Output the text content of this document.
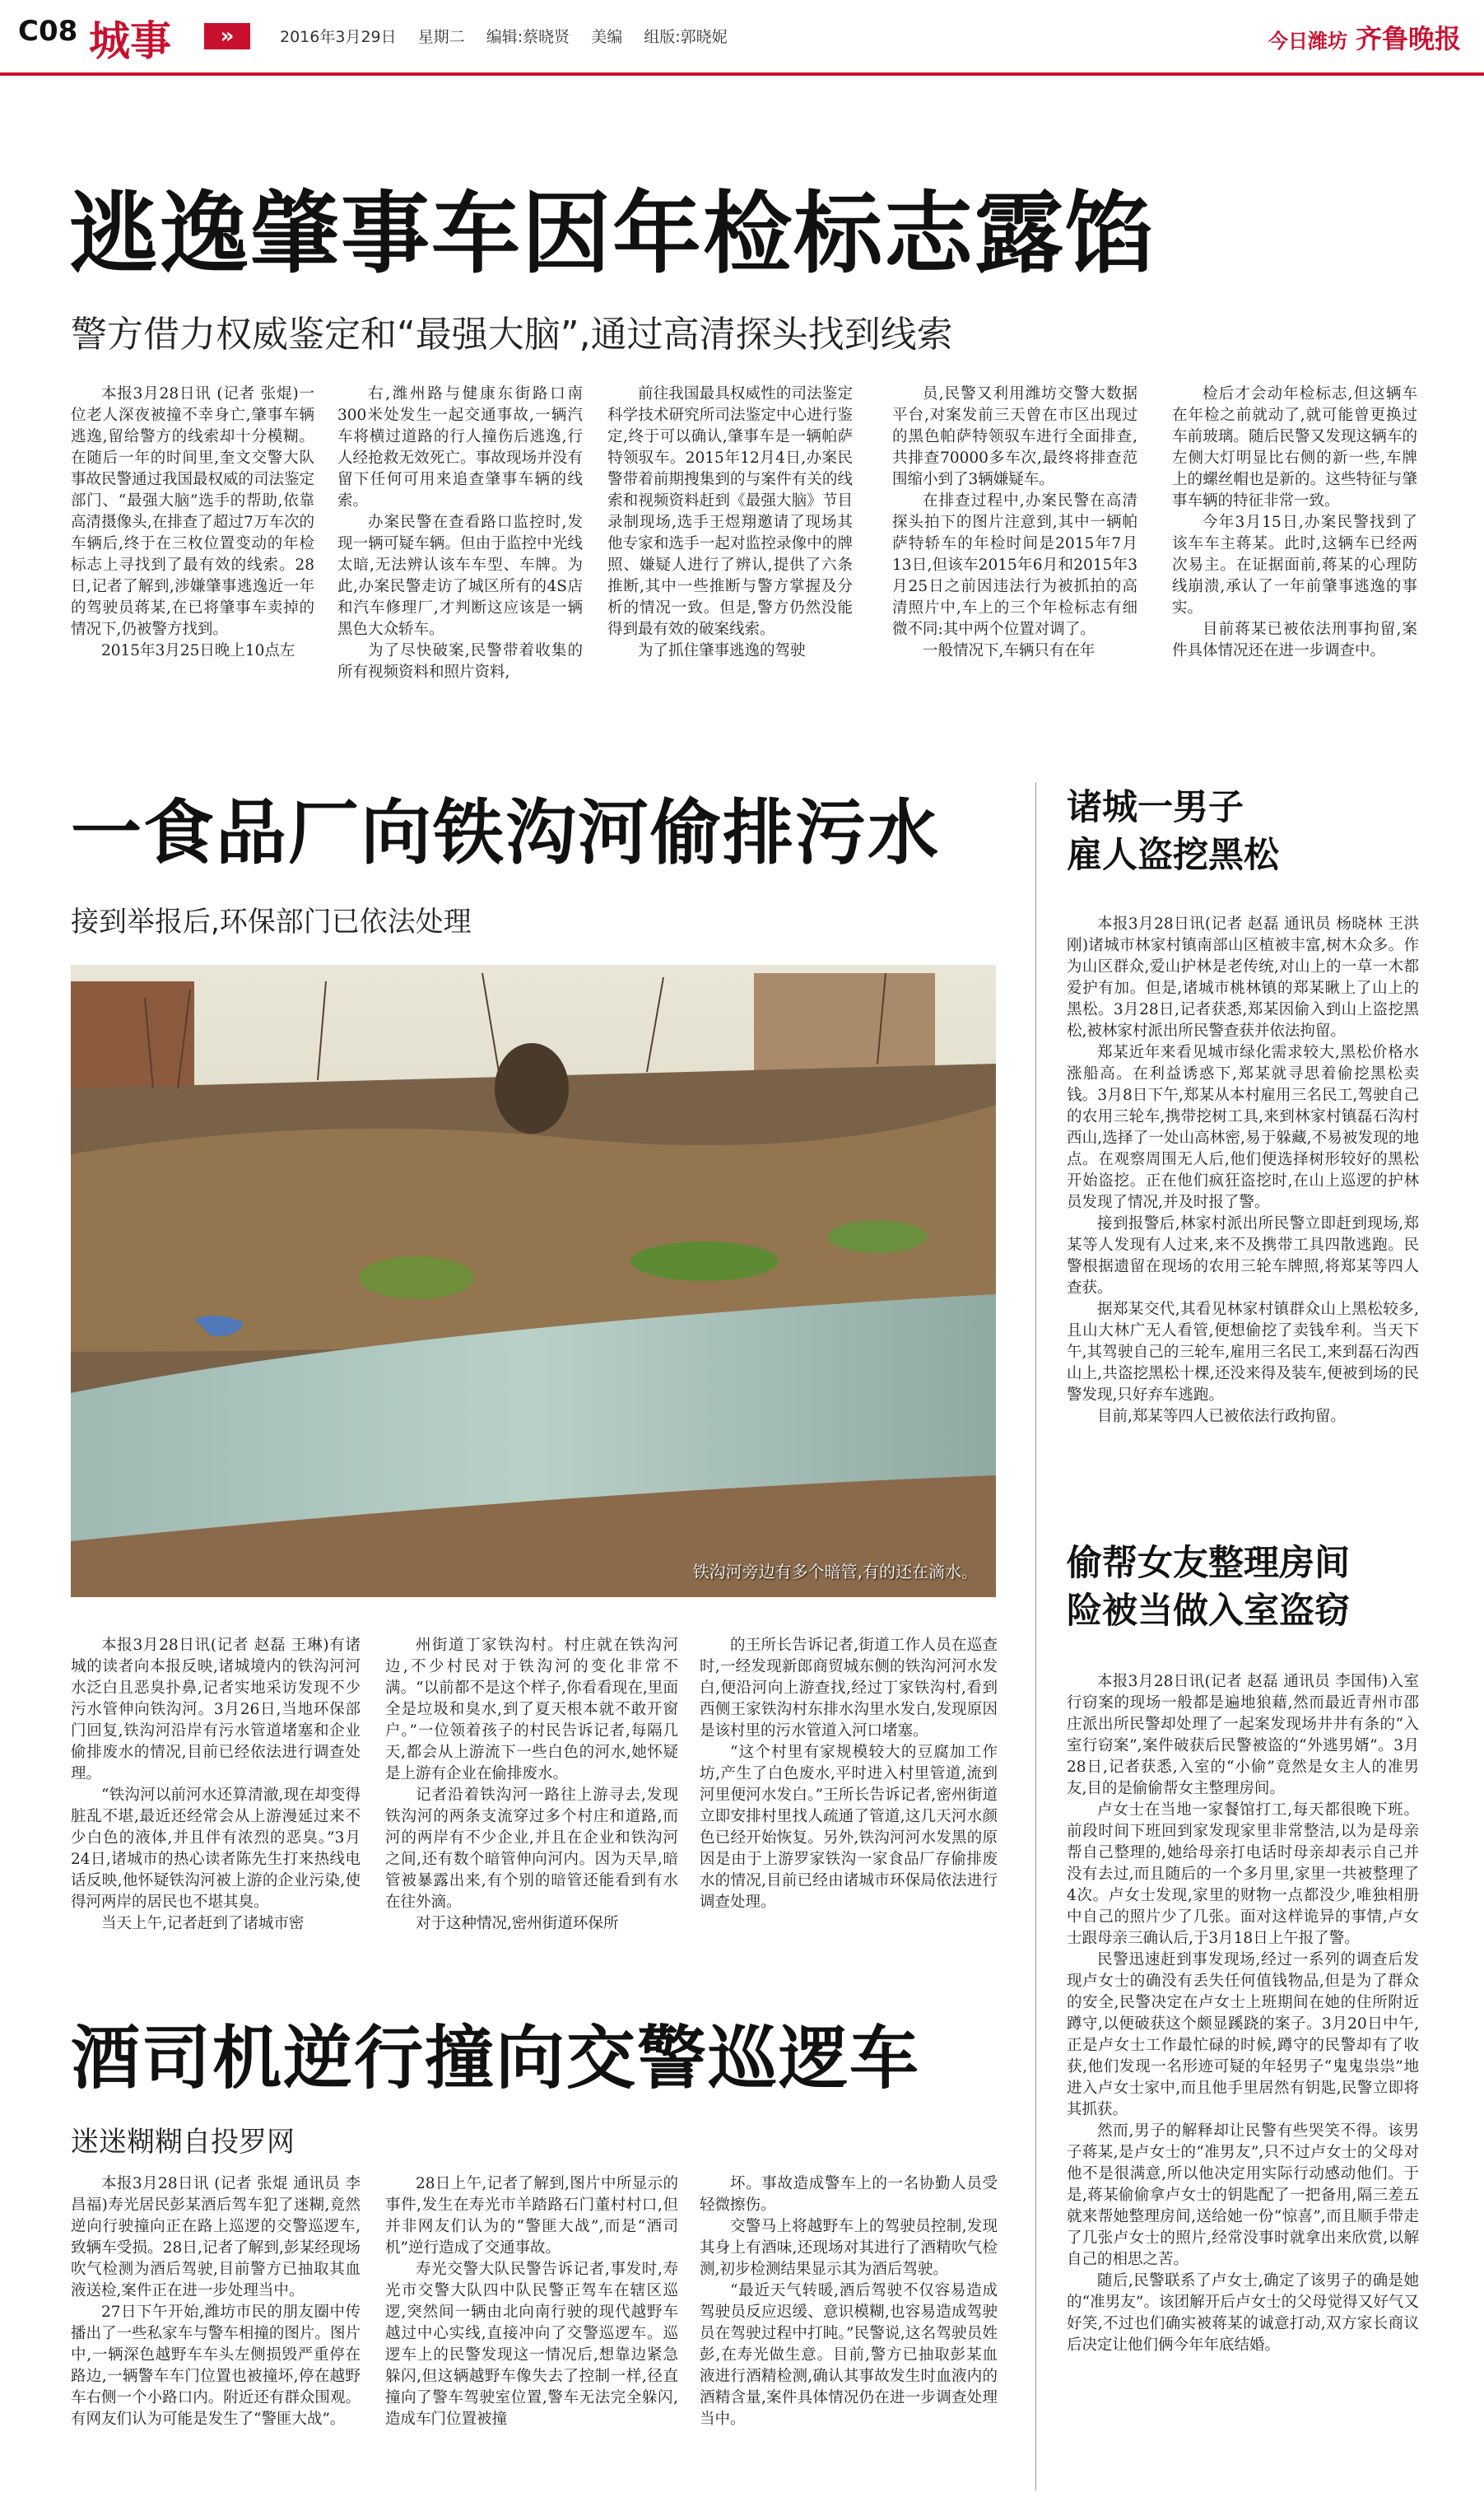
C08 城事	»	2016年3月29日 星期二 编辑:蔡晓贤 美编 组版:郭晓妮	今日潍坊 齐鲁晚报
逃逸肇事车因年检标志露馅
警方借力权威鉴定和“最强大脑”,通过高清探头找到线索

本报3月28日讯 (记者 张焜)一位老人深夜被撞不幸身亡,肇事车辆逃逸,留给警方的线索却十分模糊。在随后一年的时间里,奎文交警大队事故民警通过我国最权威的司法鉴定部门、“最强大脑”选手的帮助,依靠高清摄像头,在排查了超过7万车次的车辆后,终于在三枚位置变动的年检标志上寻找到了最有效的线索。28日,记者了解到,涉嫌肇事逃逸近一年的驾驶员蒋某,在已将肇事车卖掉的情况下,仍被警方找到。

2015年3月25日晚上10点左

右,潍州路与健康东街路口南300米处发生一起交通事故,一辆汽车将横过道路的行人撞伤后逃逸,行人经抢救无效死亡。事故现场并没有留下任何可用来追查肇事车辆的线索。

办案民警在查看路口监控时,发现一辆可疑车辆。但由于监控中光线太暗,无法辨认该车车型、车牌。为此,办案民警走访了城区所有的4S店和汽车修理厂,才判断这应该是一辆黑色大众轿车。

为了尽快破案,民警带着收集的所有视频资料和照片资料,

前往我国最具权威性的司法鉴定科学技术研究所司法鉴定中心进行鉴定,终于可以确认,肇事车是一辆帕萨特领驭车。2015年12月4日,办案民警带着前期搜集到的与案件有关的线索和视频资料赶到《最强大脑》节目录制现场,选手王煜翔邀请了现场其他专家和选手一起对监控录像中的牌照、嫌疑人进行了辨认,提供了六条推断,其中一些推断与警方掌握及分析的情况一致。但是,警方仍然没能得到最有效的破案线索。

为了抓住肇事逃逸的驾驶

员,民警又利用潍坊交警大数据平台,对案发前三天曾在市区出现过的黑色帕萨特领驭车进行全面排查,共排查70000多车次,最终将排查范围缩小到了3辆嫌疑车。

在排查过程中,办案民警在高清探头拍下的图片注意到,其中一辆帕萨特轿车的年检时间是2015年7月13日,但该车2015年6月和2015年3月25日之前因违法行为被抓拍的高清照片中,车上的三个年检标志有细微不同:其中两个位置对调了。

一般情况下,车辆只有在年

检后才会动年检标志,但这辆车在年检之前就动了,就可能曾更换过车前玻璃。随后民警又发现这辆车的左侧大灯明显比右侧的新一些,车牌上的螺丝帽也是新的。这些特征与肇事车辆的特征非常一致。

今年3月15日,办案民警找到了该车车主蒋某。此时,这辆车已经两次易主。在证据面前,蒋某的心理防线崩溃,承认了一年前肇事逃逸的事实。

目前蒋某已被依法刑事拘留,案件具体情况还在进一步调查中。

一食品厂向铁沟河偷排污水
接到举报后,环保部门已依法处理
铁沟河旁边有多个暗管,有的还在滴水。

本报3月28日讯(记者 赵磊 王琳)有诸城的读者向本报反映,诸城境内的铁沟河河水泛白且恶臭扑鼻,记者实地采访发现不少污水管伸向铁沟河。3月26日,当地环保部门回复,铁沟河沿岸有污水管道堵塞和企业偷排废水的情况,目前已经依法进行调查处理。

“铁沟河以前河水还算清澈,现在却变得脏乱不堪,最近还经常会从上游漫延过来不少白色的液体,并且伴有浓烈的恶臭。”3月24日,诸城市的热心读者陈先生打来热线电话反映,他怀疑铁沟河被上游的企业污染,使得河两岸的居民也不堪其臭。

当天上午,记者赶到了诸城市密

州街道丁家铁沟村。村庄就在铁沟河边,不少村民对于铁沟河的变化非常不满。“以前都不是这个样子,你看看现在,里面全是垃圾和臭水,到了夏天根本就不敢开窗户。”一位领着孩子的村民告诉记者,每隔几天,都会从上游流下一些白色的河水,她怀疑是上游有企业在偷排废水。

记者沿着铁沟河一路往上游寻去,发现铁沟河的两条支流穿过多个村庄和道路,而河的两岸有不少企业,并且在企业和铁沟河之间,还有数个暗管伸向河内。因为天旱,暗管被暴露出来,有个别的暗管还能看到有水在往外滴。

对于这种情况,密州街道环保所

的王所长告诉记者,街道工作人员在巡查时,一经发现新郎商贸城东侧的铁沟河河水发白,便沿河向上游查找,经过丁家铁沟村,看到西侧王家铁沟村东排水沟里水发白,发现原因是该村里的污水管道入河口堵塞。

“这个村里有家规模较大的豆腐加工作坊,产生了白色废水,平时进入村里管道,流到河里便河水发白。”王所长告诉记者,密州街道立即安排村里找人疏通了管道,这几天河水颜色已经开始恢复。另外,铁沟河河水发黑的原因是由于上游罗家铁沟一家食品厂存偷排废水的情况,目前已经由诸城市环保局依法进行调查处理。

酒司机逆行撞向交警巡逻车
迷迷糊糊自投罗网

本报3月28日讯 (记者 张焜 通讯员 李昌福)寿光居民彭某酒后驾车犯了迷糊,竟然逆向行驶撞向正在路上巡逻的交警巡逻车,致辆车受损。28日,记者了解到,彭某经现场吹气检测为酒后驾驶,目前警方已抽取其血液送检,案件正在进一步处理当中。

27日下午开始,潍坊市民的朋友圈中传播出了一些私家车与警车相撞的图片。图片中,一辆深色越野车车头左侧损毁严重停在路边,一辆警车车门位置也被撞坏,停在越野车右侧一个小路口内。附近还有群众围观。有网友们认为可能是发生了“警匪大战”。

28日上午,记者了解到,图片中所显示的事件,发生在寿光市羊踏路石门董村村口,但并非网友们认为的“警匪大战”,而是“酒司机”逆行造成了交通事故。

寿光交警大队民警告诉记者,事发时,寿光市交警大队四中队民警正驾车在辖区巡逻,突然间一辆由北向南行驶的现代越野车越过中心实线,直接冲向了交警巡逻车。巡逻车上的民警发现这一情况后,想靠边紧急躲闪,但这辆越野车像失去了控制一样,径直撞向了警车驾驶室位置,警车无法完全躲闪,造成车门位置被撞

坏。事故造成警车上的一名协勤人员受轻微擦伤。

交警马上将越野车上的驾驶员控制,发现其身上有酒味,还现场对其进行了酒精吹气检测,初步检测结果显示其为酒后驾驶。

“最近天气转暖,酒后驾驶不仅容易造成驾驶员反应迟缓、意识模糊,也容易造成驾驶员在驾驶过程中打盹。”民警说,这名驾驶员姓彭,在寿光做生意。目前,警方已抽取彭某血液进行酒精检测,确认其事故发生时血液内的酒精含量,案件具体情况仍在进一步调查处理当中。

诸城一男子
雇人盗挖黑松

本报3月28日讯(记者 赵磊 通讯员 杨晓林 王洪刚)诸城市林家村镇南部山区植被丰富,树木众多。作为山区群众,爱山护林是老传统,对山上的一草一木都爱护有加。但是,诸城市桃林镇的郑某瞅上了山上的黑松。3月28日,记者获悉,郑某因偷入到山上盗挖黑松,被林家村派出所民警查获并依法拘留。

郑某近年来看见城市绿化需求较大,黑松价格水涨船高。在利益诱惑下,郑某就寻思着偷挖黑松卖钱。3月8日下午,郑某从本村雇用三名民工,驾驶自己的农用三轮车,携带挖树工具,来到林家村镇磊石沟村西山,选择了一处山高林密,易于躲藏,不易被发现的地点。在观察周围无人后,他们便选择树形较好的黑松开始盗挖。正在他们疯狂盗挖时,在山上巡逻的护林员发现了情况,并及时报了警。

接到报警后,林家村派出所民警立即赶到现场,郑某等人发现有人过来,来不及携带工具四散逃跑。民警根据遗留在现场的农用三轮车牌照,将郑某等四人查获。

据郑某交代,其看见林家村镇群众山上黑松较多,且山大林广无人看管,便想偷挖了卖钱牟利。当天下午,其驾驶自己的三轮车,雇用三名民工,来到磊石沟西山上,共盗挖黑松十棵,还没来得及装车,便被到场的民警发现,只好弃车逃跑。

目前,郑某等四人已被依法行政拘留。

偷帮女友整理房间
险被当做入室盗窃

本报3月28日讯(记者 赵磊 通讯员 李国伟)入室行窃案的现场一般都是遍地狼藉,然而最近青州市邵庄派出所民警却处理了一起案发现场井井有条的“入室行窃案”,案件破获后民警被盗的“外逃男婿”。3月28日,记者获悉,入室的“小偷”竟然是女主人的准男友,目的是偷偷帮女主整理房间。

卢女士在当地一家餐馆打工,每天都很晚下班。前段时间下班回到家发现家里非常整洁,以为是母亲帮自己整理的,她给母亲打电话时母亲却表示自己并没有去过,而且随后的一个多月里,家里一共被整理了4次。卢女士发现,家里的财物一点都没少,唯独相册中自己的照片少了几张。面对这样诡异的事情,卢女士跟母亲三确认后,于3月18日上午报了警。

民警迅速赶到事发现场,经过一系列的调查后发现卢女士的确没有丢失任何值钱物品,但是为了群众的安全,民警决定在卢女士上班期间在她的住所附近蹲守,以便破获这个颇显蹊跷的案子。3月20日中午,正是卢女士工作最忙碌的时候,蹲守的民警却有了收获,他们发现一名形迹可疑的年轻男子“鬼鬼祟祟”地进入卢女士家中,而且他手里居然有钥匙,民警立即将其抓获。

然而,男子的解释却让民警有些哭笑不得。该男子蒋某,是卢女士的“准男友”,只不过卢女士的父母对他不是很满意,所以他决定用实际行动感动他们。于是,蒋某偷偷拿卢女士的钥匙配了一把备用,隔三差五就来帮她整理房间,送给她一份“惊喜”,而且顺手带走了几张卢女士的照片,经常没事时就拿出来欣赏,以解自己的相思之苦。

随后,民警联系了卢女士,确定了该男子的确是她的“准男友”。该团解开后卢女士的父母觉得又好气又好笑,不过也们确实被蒋某的诚意打动,双方家长商议后决定让他们俩今年年底结婚。
